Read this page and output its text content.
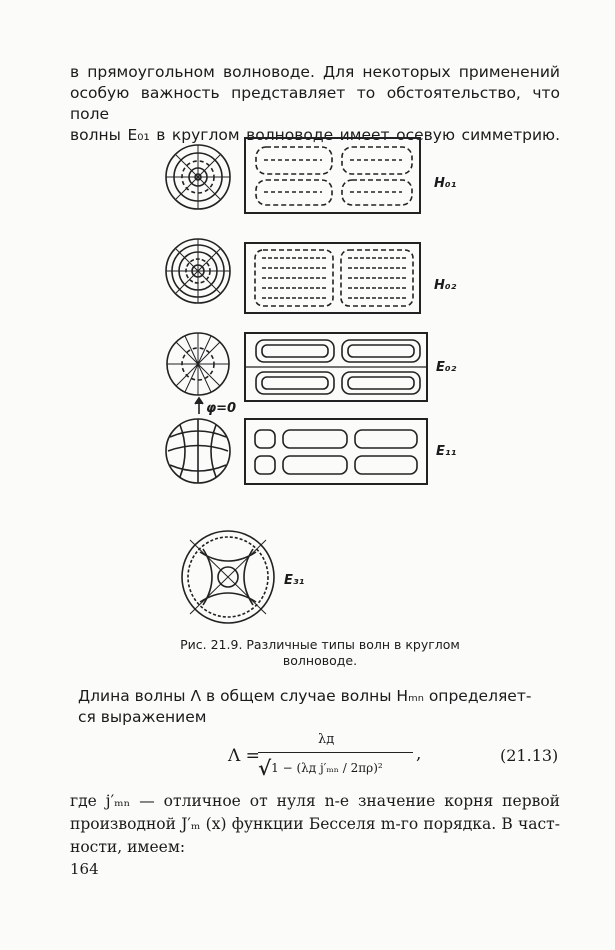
в прямоугольном волноводе. Для некоторых применений
особую важность представляет то обстоятельство, что поле
волны E₀₁ в круглом волноводе имеет осевую симметрию.
H₀₁
H₀₂
E₀₂
E₁₁
E₃₁
φ=0
Рис. 21.9. Различные типы волн в круглом
волноводе.
Длина волны Λ в общем случае волны Hₘₙ определяет-
ся выражением
Λ =
λд
√1 − (λд j′ₘₙ / 2πρ)²
,	(21.13)
где j′ₘₙ — отличное от нуля n-е значение корня первой
производной J′ₘ (x) функции Бесселя m-го порядка. В част-
ности, имеем:
164
